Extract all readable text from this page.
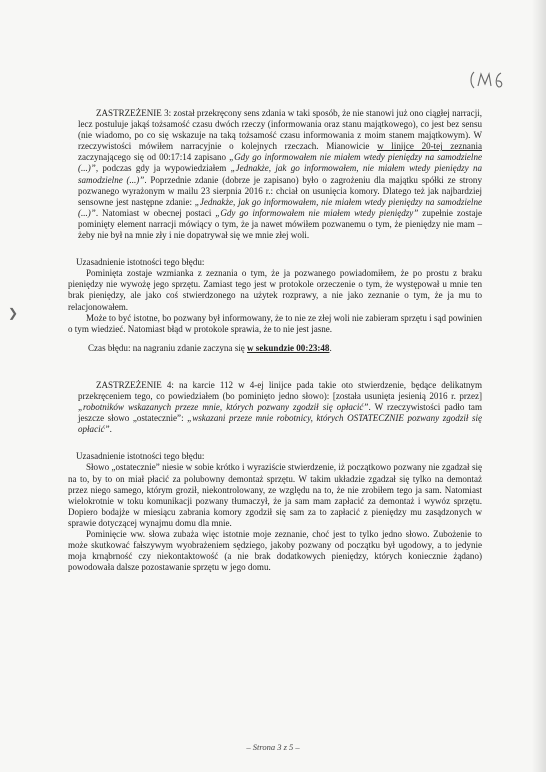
❯

ZASTRZEŻENIE 3: został przekręcony sens zdania w taki sposób, że nie stanowi już ono ciągłej narracji, lecz postuluje jakąś tożsamość czasu dwóch rzeczy (informowania oraz stanu majątkowego), co jest bez sensu (nie wiadomo, po co się wskazuje na taką tożsamość czasu informowania z moim stanem majątkowym). W rzeczywistości mówiłem narracyjnie o kolejnych rzeczach. Mianowicie w linijce 20-tej zeznania zaczynającego się od 00:17:14 zapisano „Gdy go informowałem nie miałem wtedy pieniędzy na samodzielne (...)”, podczas gdy ja wypowiedziałem „Jednakże, jak go informowałem, nie miałem wtedy pieniędzy na samodzielne (...)”. Poprzednie zdanie (dobrze je zapisano) było o zagrożeniu dla majątku spółki ze strony pozwanego wyrażonym w mailu 23 sierpnia 2016 r.: chciał on usunięcia komory. Dlatego też jak najbardziej sensowne jest następne zdanie: „Jednakże, jak go informowałem, nie miałem wtedy pieniędzy na samodzielne (...)”. Natomiast w obecnej postaci „Gdy go informowałem nie miałem wtedy pieniędzy” zupełnie zostaje pominięty element narracji mówiący o tym, że ja nawet mówiłem pozwanemu o tym, że pieniędzy nie mam – żeby nie był na mnie zły i nie dopatrywał się we mnie złej woli.

Uzasadnienie istotności tego błędu:

Pominięta zostaje wzmianka z zeznania o tym, że ja pozwanego powiadomiłem, że po prostu z braku pieniędzy nie wywożę jego sprzętu. Zamiast tego jest w protokole orzeczenie o tym, że występował u mnie ten brak pieniędzy, ale jako coś stwierdzonego na użytek rozprawy, a nie jako zeznanie o tym, że ja mu to relacjonowałem.

Może to być istotne, bo pozwany był informowany, że to nie ze złej woli nie zabieram sprzętu i sąd powinien o tym wiedzieć. Natomiast błąd w protokole sprawia, że to nie jest jasne.

Czas błędu: na nagraniu zdanie zaczyna się w sekundzie 00:23:48.

ZASTRZEŻENIE 4: na karcie 112 w 4-ej linijce pada takie oto stwierdzenie, będące delikatnym przekręceniem tego, co powiedziałem (bo pominięto jedno słowo): [została usunięta jesienią 2016 r. przez] „robotników wskazanych przeze mnie, których pozwany zgodził się opłacić”. W rzeczywistości padło tam jeszcze słowo „ostatecznie”: „wskazani przeze mnie robotnicy, których OSTATECZNIE pozwany zgodził się opłacić”.

Uzasadnienie istotności tego błędu:

Słowo „ostatecznie” niesie w sobie krótko i wyraziście stwierdzenie, iż początkowo pozwany nie zgadzał się na to, by to on miał płacić za polubowny demontaż sprzętu. W takim układzie zgadzał się tylko na demontaż przez niego samego, którym groził, niekontrolowany, ze względu na to, że nie zrobiłem tego ja sam. Natomiast wielokrotnie w toku komunikacji pozwany tłumaczył, że ja sam mam zapłacić za demontaż i wywóz sprzętu. Dopiero bodajże w miesiącu zabrania komory zgodził się sam za to zapłacić z pieniędzy mu zasądzonych w sprawie dotyczącej wynajmu domu dla mnie.

Pominięcie ww. słowa zubaża więc istotnie moje zeznanie, choć jest to tylko jedno słowo. Zubożenie to może skutkować fałszywym wyobrażeniem sędziego, jakoby pozwany od początku był ugodowy, a to jedynie moja krnąbrność czy niekontaktowość (a nie brak dodatkowych pieniędzy, których koniecznie żądano) powodowała dalsze pozostawanie sprzętu w jego domu.

– Strona 3 z 5 –
